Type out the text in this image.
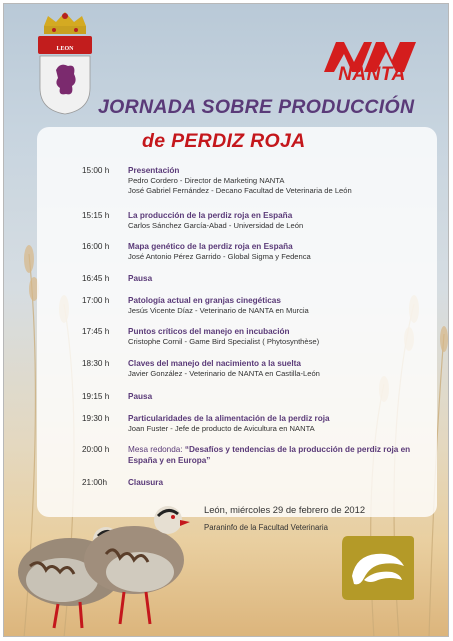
LEON
NANTA
JORNADA SOBRE PRODUCCIÓN
de PERDIZ ROJA
15:00 h	Presentación
Pedro Cordero - Director de Marketing NANTA
José Gabriel Fernández - Decano Facultad de Veterinaria de León
15:15 h	La producción de la perdiz roja en España
Carlos Sánchez García-Abad - Universidad de León
16:00 h	Mapa genético de la perdiz roja en España
José Antonio Pérez Garrido - Global Sigma y Fedenca
16:45 h	Pausa
17:00 h	Patología actual en granjas cinegéticas
Jesús Vicente Díaz - Veterinario de NANTA en Murcia
17:45 h	Puntos críticos del manejo en incubación
Cristophe Cornil - Game Bird Specialist ( Phytosynthèse)
18:30 h	Claves del manejo del nacimiento a la suelta
Javier González - Veterinario de NANTA en Castilla-León
19:15 h	Pausa
19:30 h	Particularidades de la alimentación de la perdiz roja
Joan Fuster - Jefe de producto de Avicultura en NANTA
20:00 h	Mesa redonda: “Desafíos y tendencias de la producción de perdiz roja en España y en Europa”
21:00h	Clausura
León, miércoles 29 de febrero de 2012
Paraninfo de la Facultad Veterinaria
